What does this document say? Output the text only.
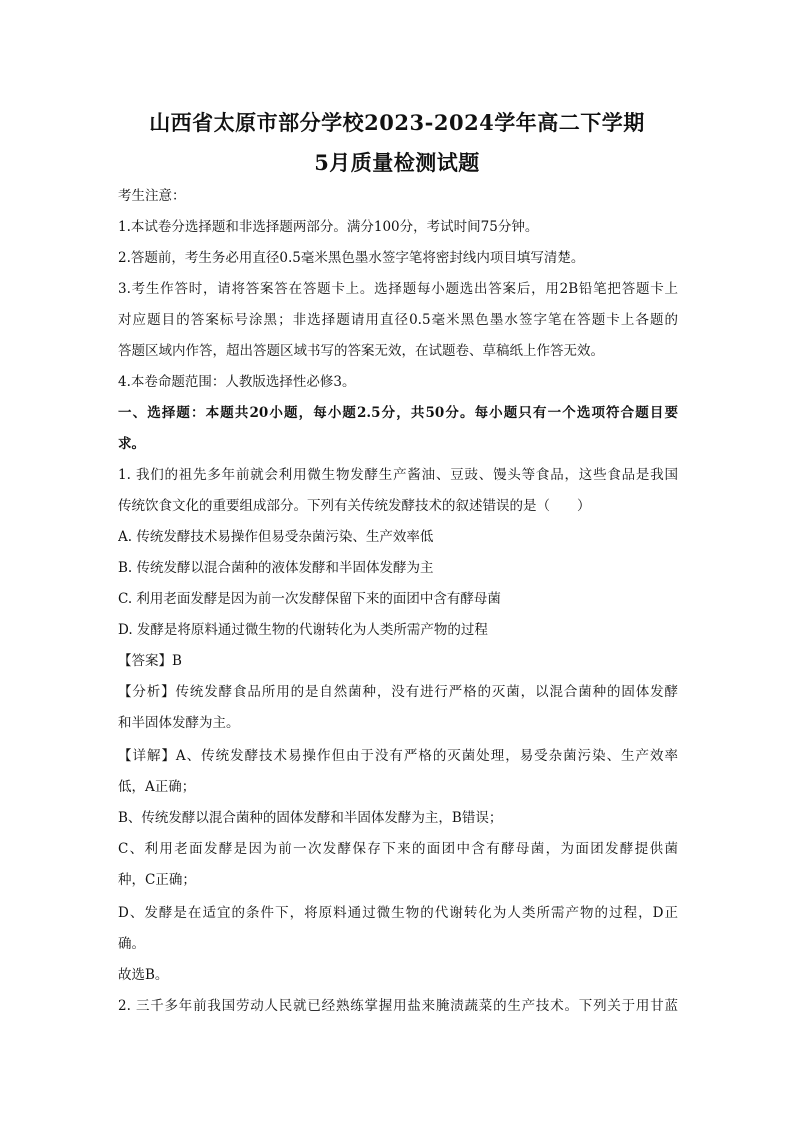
山西省太原市部分学校2023-2024学年高二下学期
5月质量检测试题
考生注意：
1.本试卷分选择题和非选择题两部分。满分100分，考试时间75分钟。
2.答题前，考生务必用直径0.5毫米黑色墨水签字笔将密封线内项目填写清楚。
3.考生作答时，请将答案答在答题卡上。选择题每小题选出答案后，用2B铅笔把答题卡上
对应题目的答案标号涂黑；非选择题请用直径0.5毫米黑色墨水签字笔在答题卡上各题的
答题区域内作答，超出答题区域书写的答案无效，在试题卷、草稿纸上作答无效。
4.本卷命题范围：人教版选择性必修3。
一、选择题：本题共20小题，每小题2.5分，共50分。每小题只有一个选项符合题目要
求。
1. 我们的祖先多年前就会利用微生物发酵生产酱油、豆豉、馒头等食品，这些食品是我国
传统饮食文化的重要组成部分。下列有关传统发酵技术的叙述错误的是（　　）
A. 传统发酵技术易操作但易受杂菌污染、生产效率低
B. 传统发酵以混合菌种的液体发酵和半固体发酵为主
C. 利用老面发酵是因为前一次发酵保留下来的面团中含有酵母菌
D. 发酵是将原料通过微生物的代谢转化为人类所需产物的过程
【答案】B
【分析】传统发酵食品所用的是自然菌种，没有进行严格的灭菌，以混合菌种的固体发酵
和半固体发酵为主。
【详解】A、传统发酵技术易操作但由于没有严格的灭菌处理，易受杂菌污染、生产效率
低，A正确；
B、传统发酵以混合菌种的固体发酵和半固体发酵为主，B错误；
C、利用老面发酵是因为前一次发酵保存下来的面团中含有酵母菌，为面团发酵提供菌
种，C正确；
D、发酵是在适宜的条件下，将原料通过微生物的代谢转化为人类所需产物的过程，D正
确。
故选B。
2. 三千多年前我国劳动人民就已经熟练掌握用盐来腌渍蔬菜的生产技术。下列关于用甘蓝
